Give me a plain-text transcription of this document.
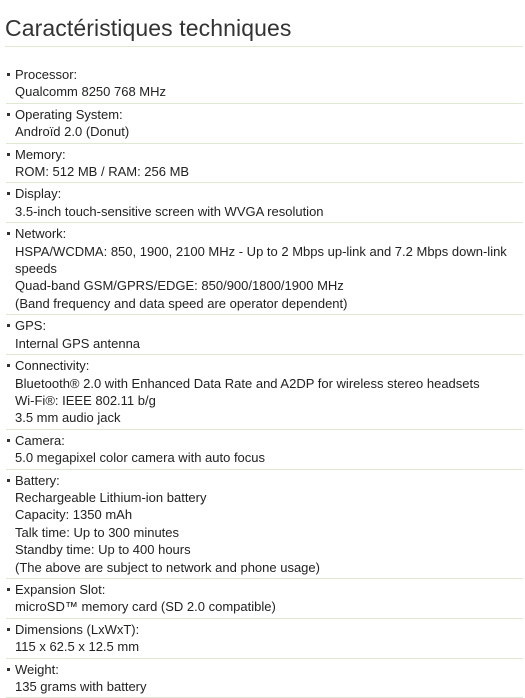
Caractéristiques techniques
Processor:
Qualcomm 8250 768 MHz
Operating System:
Androïd 2.0 (Donut)
Memory:
ROM: 512 MB / RAM: 256 MB
Display:
3.5-inch touch-sensitive screen with WVGA resolution
Network:
HSPA/WCDMA: 850, 1900, 2100 MHz - Up to 2 Mbps up-link and 7.2 Mbps down-link speeds
Quad-band GSM/GPRS/EDGE: 850/900/1800/1900 MHz
(Band frequency and data speed are operator dependent)
GPS:
Internal GPS antenna
Connectivity:
Bluetooth® 2.0 with Enhanced Data Rate and A2DP for wireless stereo headsets
Wi-Fi®: IEEE 802.11 b/g
3.5 mm audio jack
Camera:
5.0 megapixel color camera with auto focus
Battery:
Rechargeable Lithium-ion battery
Capacity: 1350 mAh
Talk time: Up to 300 minutes
Standby time: Up to 400 hours
(The above are subject to network and phone usage)
Expansion Slot:
microSD™ memory card (SD 2.0 compatible)
Dimensions (LxWxT):
115 x 62.5 x 12.5 mm
Weight:
135 grams with battery
